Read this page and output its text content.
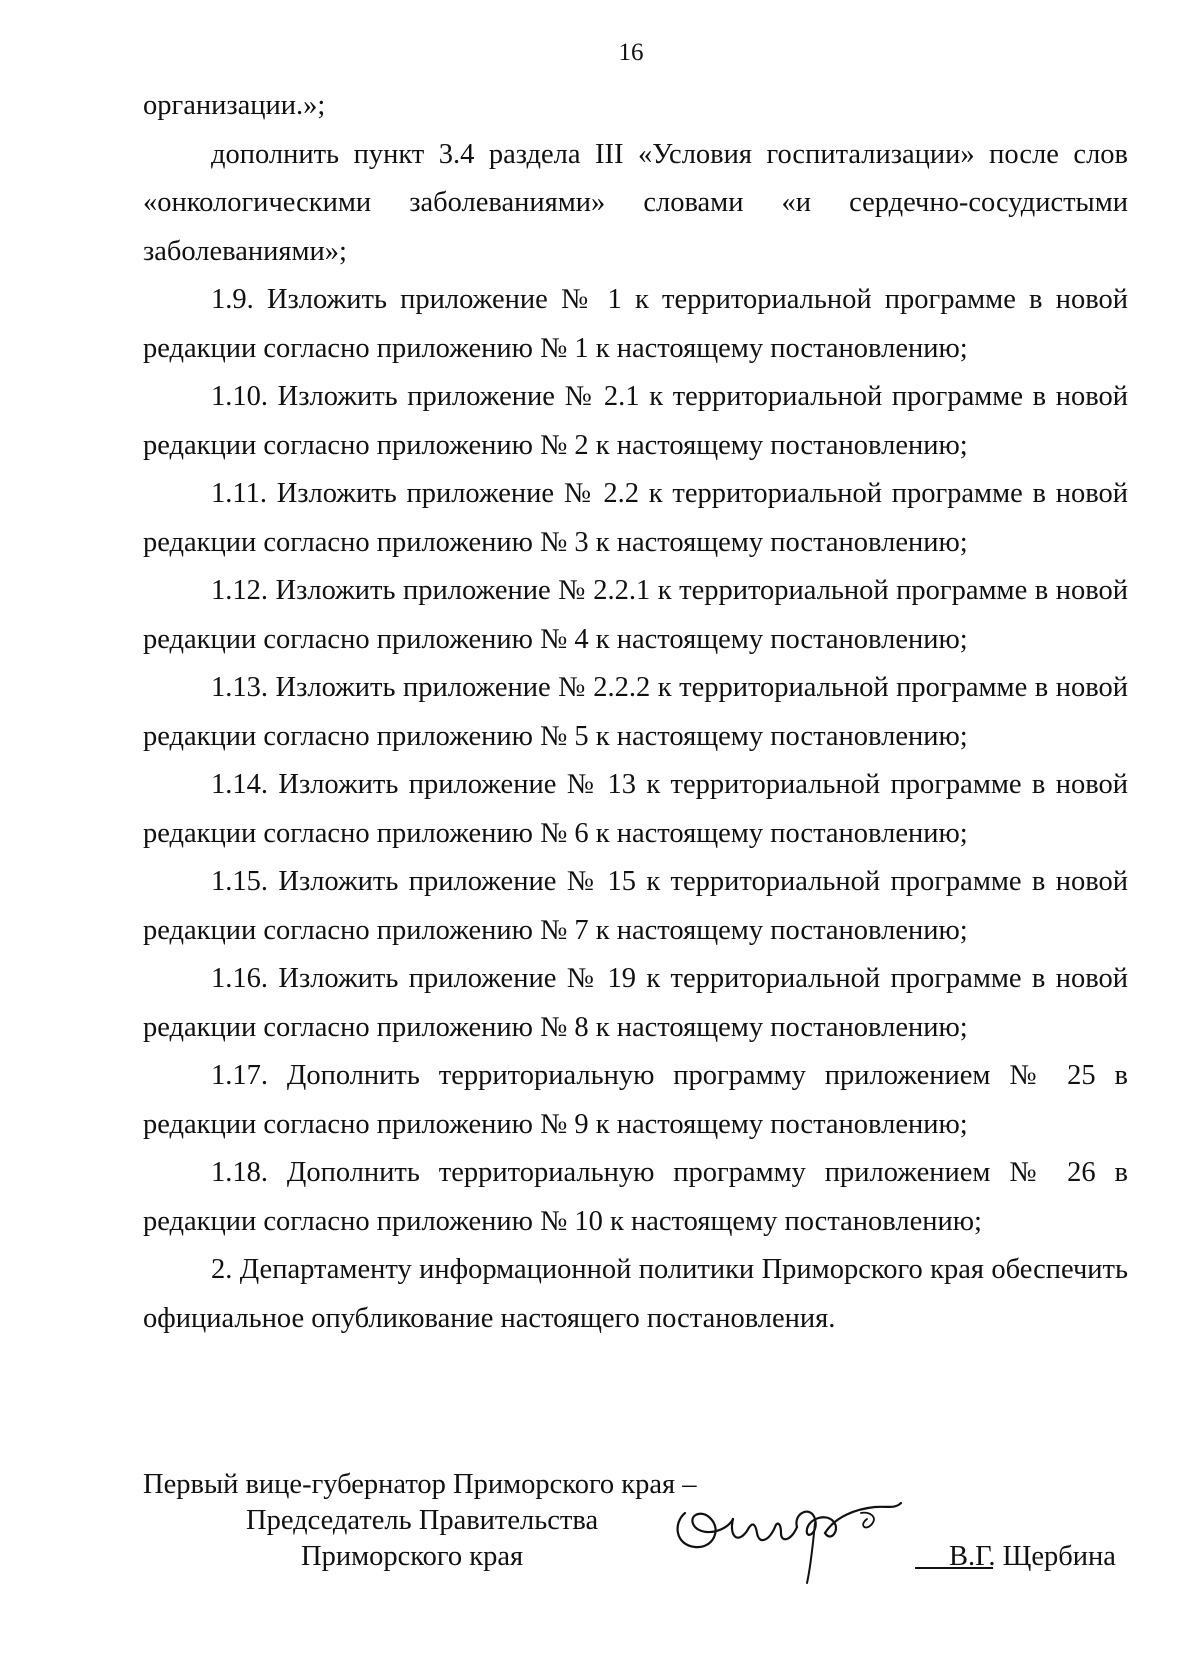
16

организации.»;

дополнить пункт 3.4 раздела III «Условия госпитализации» после слов «онкологическими заболеваниями» словами «и сердечно-сосудистыми заболеваниями»;

1.9. Изложить приложение № 1 к территориальной программе в новой редакции согласно приложению № 1 к настоящему постановлению;

1.10. Изложить приложение № 2.1 к территориальной программе в новой редакции согласно приложению № 2 к настоящему постановлению;

1.11. Изложить приложение № 2.2 к территориальной программе в новой редакции согласно приложению № 3 к настоящему постановлению;

1.12. Изложить приложение № 2.2.1 к территориальной программе в новой редакции согласно приложению № 4 к настоящему постановлению;

1.13. Изложить приложение № 2.2.2 к территориальной программе в новой редакции согласно приложению № 5 к настоящему постановлению;

1.14. Изложить приложение № 13 к территориальной программе в новой редакции согласно приложению № 6 к настоящему постановлению;

1.15. Изложить приложение № 15 к территориальной программе в новой редакции согласно приложению № 7 к настоящему постановлению;

1.16. Изложить приложение № 19 к территориальной программе в новой редакции согласно приложению № 8 к настоящему постановлению;

1.17. Дополнить территориальную программу приложением № 25 в редакции согласно приложению № 9 к настоящему постановлению;

1.18. Дополнить территориальную программу приложением № 26 в редакции согласно приложению № 10 к настоящему постановлению;

2. Департаменту информационной политики Приморского края обеспечить официальное опубликование настоящего постановления.

Первый вице-губернатор Приморского края –
Председатель Правительства
Приморского края	В.Г. Щербина
